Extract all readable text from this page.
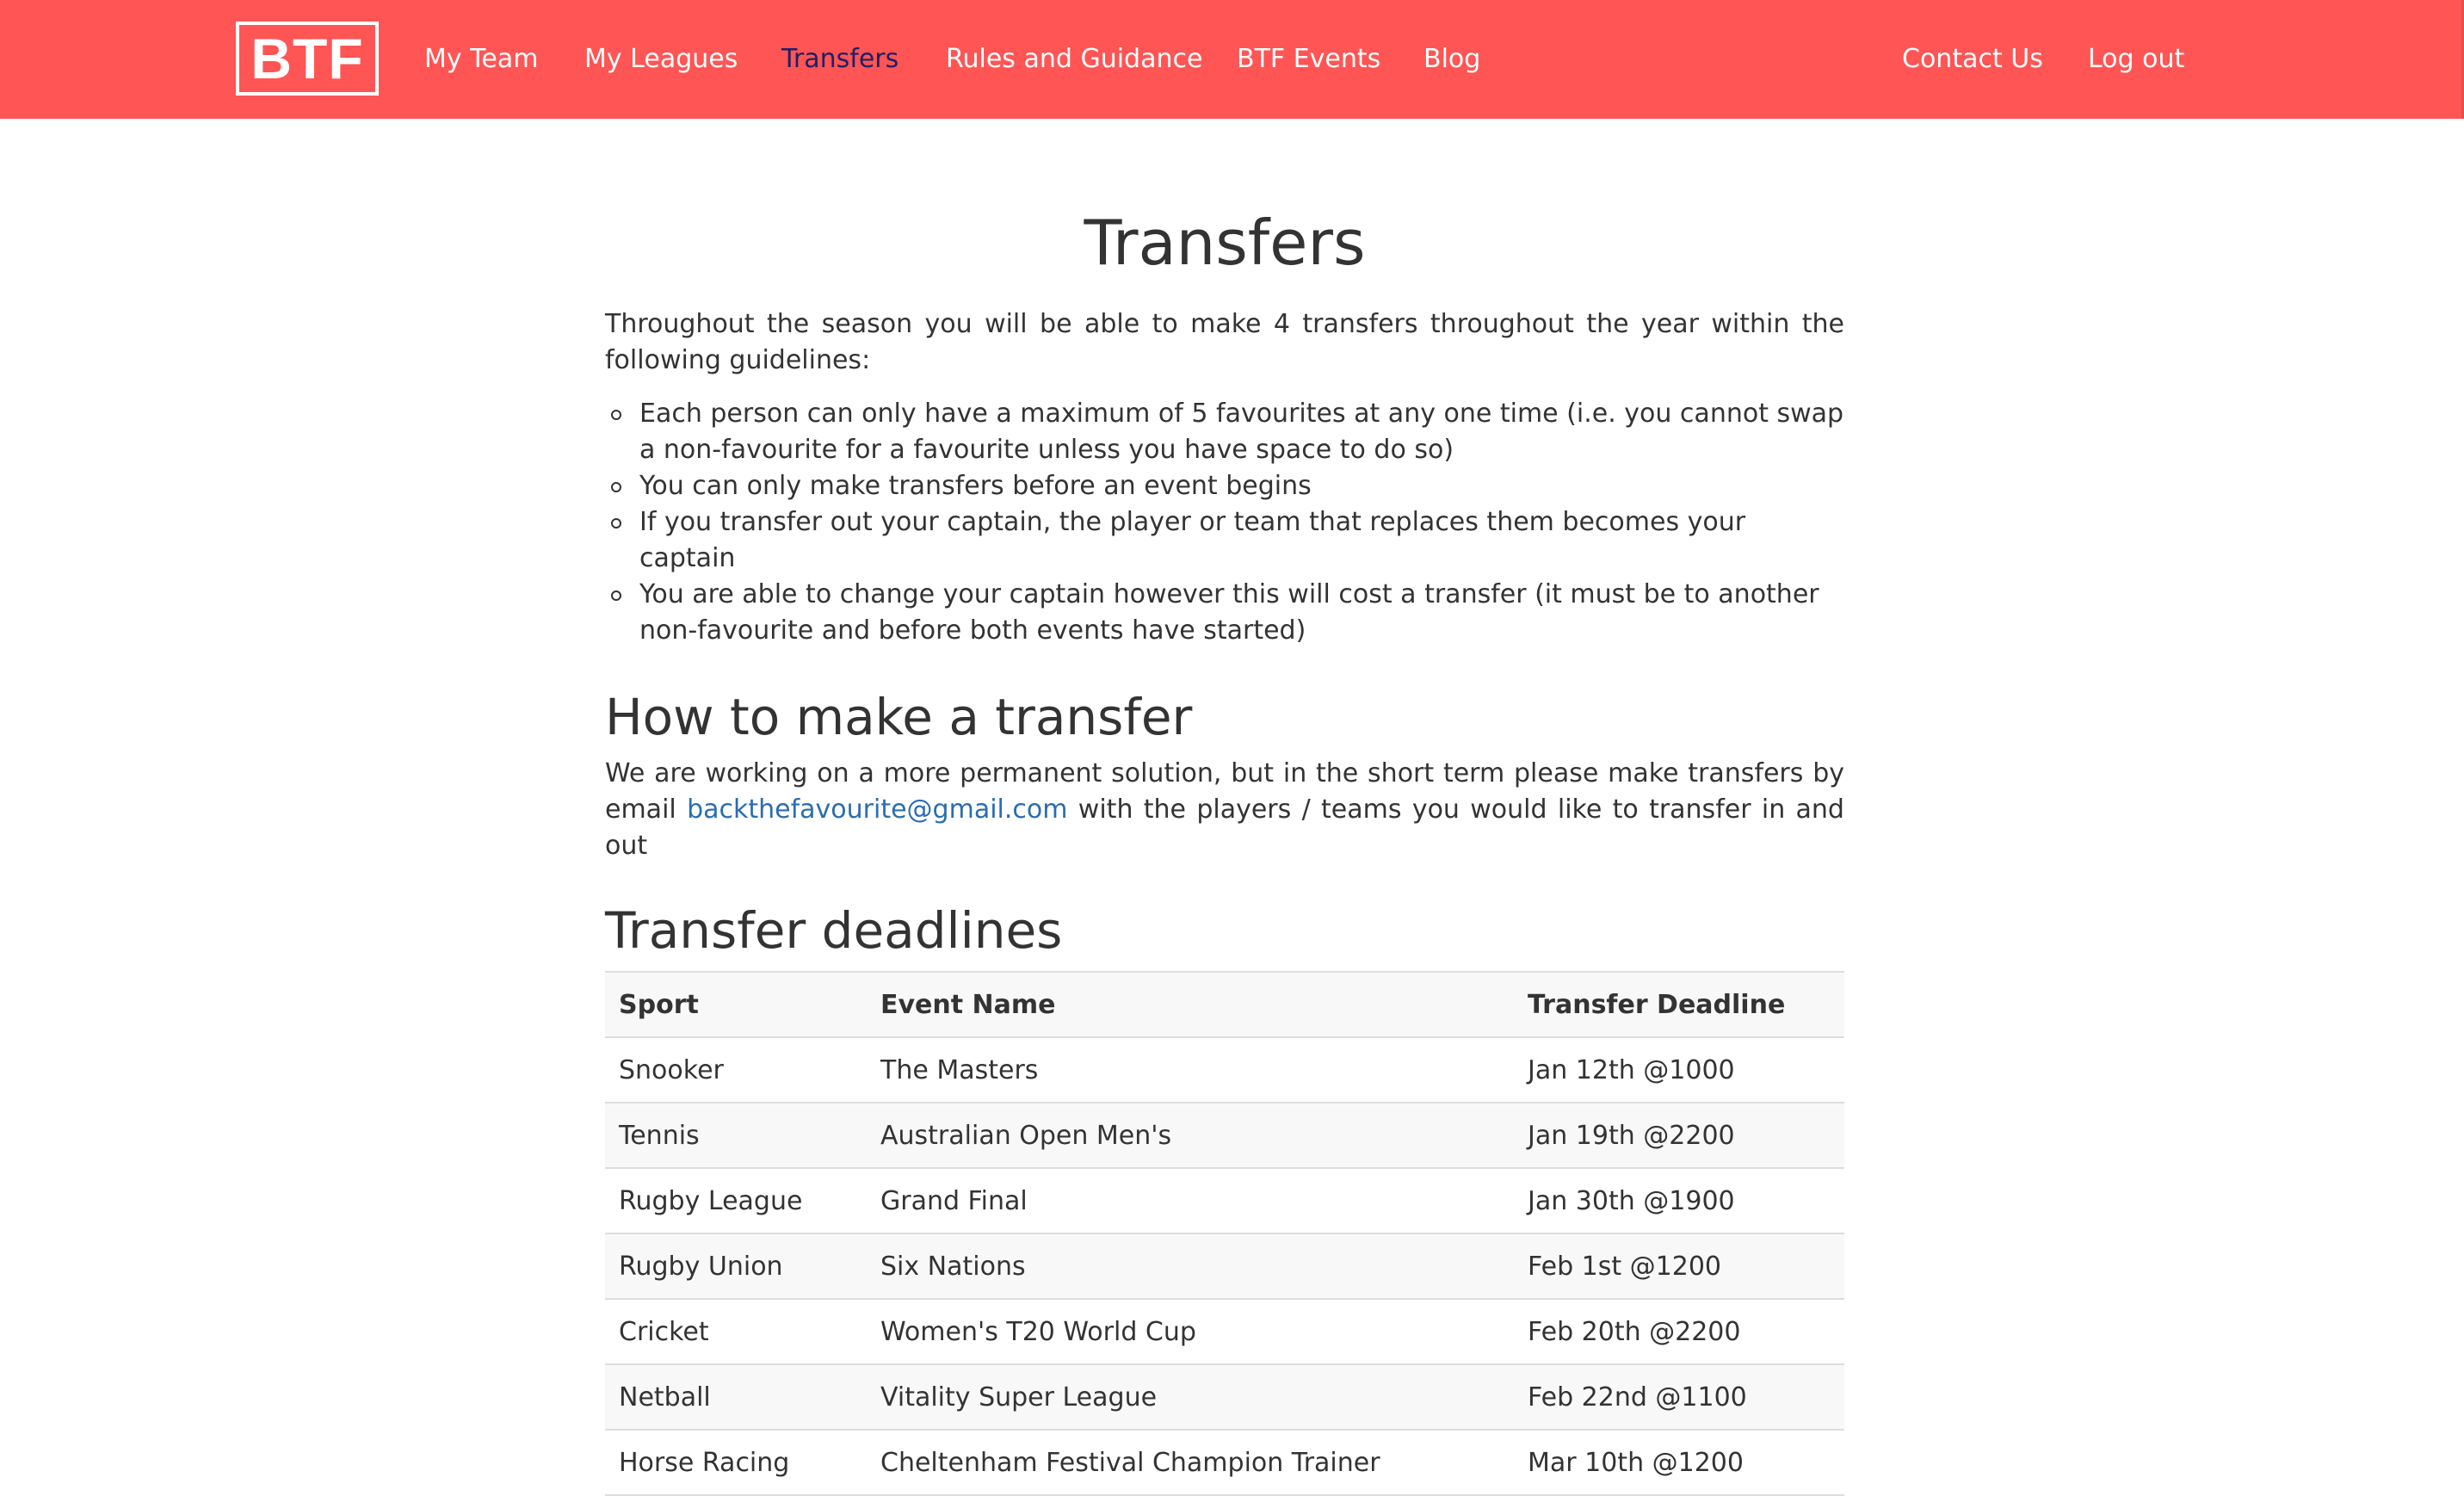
BTF	My Team My Leagues Transfers Rules and Guidance BTF Events Blog	Contact Us Log out
Transfers

Throughout the season you will be able to make 4 transfers throughout the year within the following guidelines:

Each person can only have a maximum of 5 favourites at any one time (i.e. you cannot swap a non-favourite for a favourite unless you have space to do so)
You can only make transfers before an event begins
If you transfer out your captain, the player or team that replaces them becomes your captain
You are able to change your captain however this will cost a transfer (it must be to another non-favourite and before both events have started)
How to make a transfer

We are working on a more permanent solution, but in the short term please make transfers by email backthefavourite@gmail.com with the players / teams you would like to transfer in and out

Transfer deadlines
Sport	Event Name	Transfer Deadline
Snooker	The Masters	Jan 12th @1000
Tennis	Australian Open Men's	Jan 19th @2200
Rugby League	Grand Final	Jan 30th @1900
Rugby Union	Six Nations	Feb 1st @1200
Cricket	Women's T20 World Cup	Feb 20th @2200
Netball	Vitality Super League	Feb 22nd @1100
Horse Racing	Cheltenham Festival Champion Trainer	Mar 10th @1200
